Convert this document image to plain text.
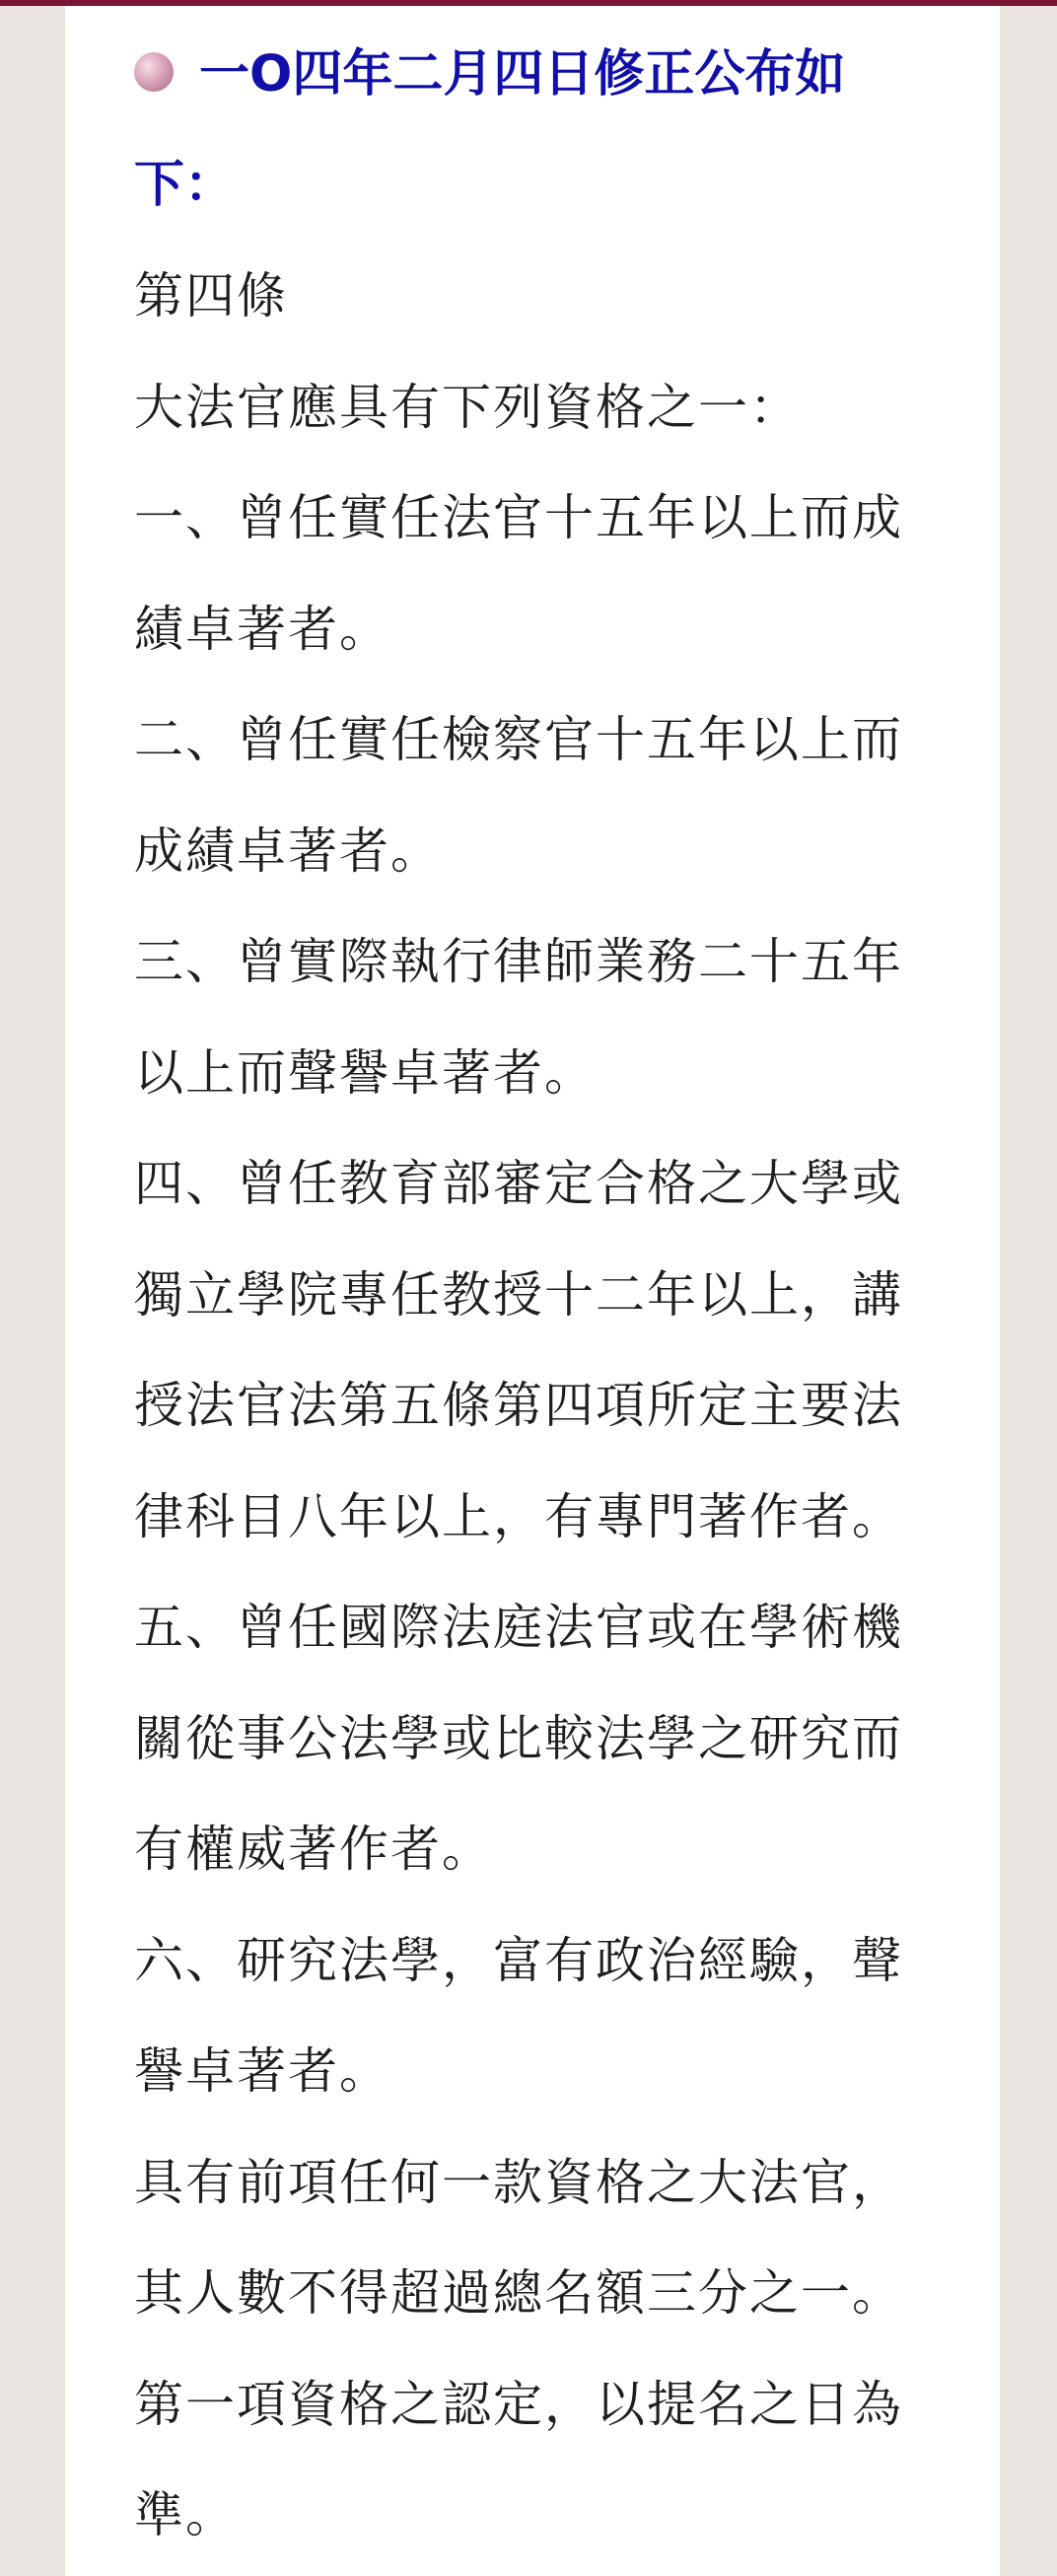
一O四年二月四日修正公布如
下：
第四條
大法官應具有下列資格之一：
一、曾任實任法官十五年以上而成
績卓著者。
二、曾任實任檢察官十五年以上而
成績卓著者。
三、曾實際執行律師業務二十五年
以上而聲譽卓著者。
四、曾任教育部審定合格之大學或
獨立學院專任教授十二年以上，講
授法官法第五條第四項所定主要法
律科目八年以上，有專門著作者。
五、曾任國際法庭法官或在學術機
關從事公法學或比較法學之研究而
有權威著作者。
六、研究法學，富有政治經驗，聲
譽卓著者。
具有前項任何一款資格之大法官，
其人數不得超過總名額三分之一。
第一項資格之認定，以提名之日為
準。
